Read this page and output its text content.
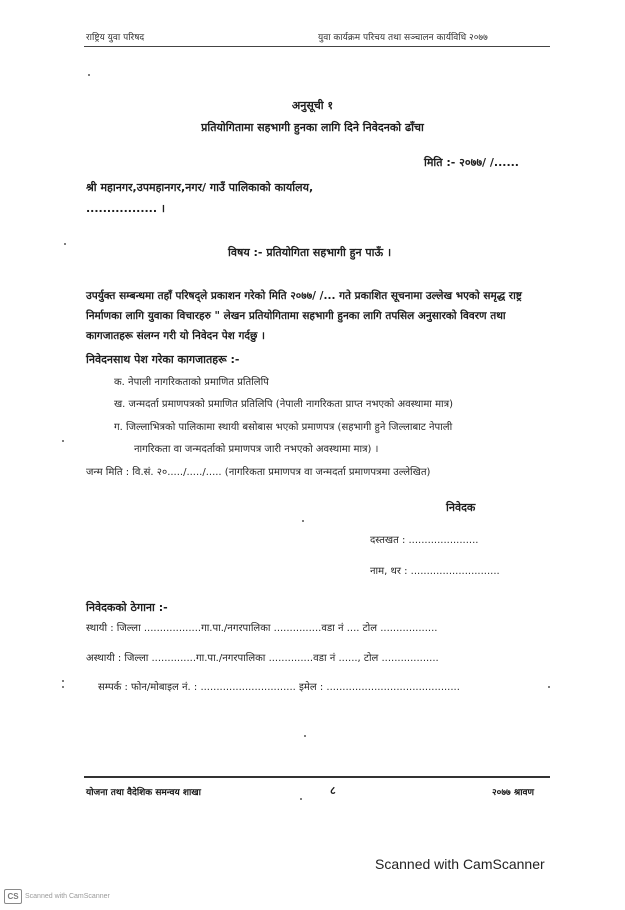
राष्ट्रिय युवा परिषद	युवा कार्यक्रम परिचय तथा सञ्चालन कार्यविधि २०७७
अनुसूची १
प्रतियोगितामा सहभागी हुनका लागि दिने निवेदनको ढाँचा
मिति :- २०७७/ /......
श्री महानगर,उपमहानगर,नगर/ गाउँ पालिकाको कार्यालय,
................. ।
विषय :- प्रतियोगिता सहभागी हुन पाऊँ ।
उपर्युक्त सम्बन्धमा तहाँ परिषद्ले प्रकाशन गरेको मिति २०७७/ /... गते प्रकाशित सूचनामा उल्लेख भएको समृद्ध राष्ट्र निर्माणका लागि युवाका विचारहरु " लेखन प्रतियोगितामा सहभागी हुनका लागि तपसिल अनुसारको विवरण तथा कागजातहरू संलग्न गरी यो निवेदन पेश गर्दछु ।
निवेदनसाथ पेश गरेका कागजातहरू :-
क. नेपाली नागरिकताको प्रमाणित प्रतिलिपि
ख. जन्मदर्ता प्रमाणपत्रको प्रमाणित प्रतिलिपि (नेपाली नागरिकता प्राप्त नभएको अवस्थामा मात्र)
ग. जिल्लाभित्रको पालिकामा स्थायी बसोबास भएको प्रमाणपत्र (सहभागी हुने जिल्लाबाट नेपाली
नागरिकता वा जन्मदर्ताको प्रमाणपत्र जारी नभएको अवस्थामा मात्र) ।
जन्म मिति : वि.सं. २०...../...../..... (नागरिकता प्रमाणपत्र वा जन्मदर्ता प्रमाणपत्रमा उल्लेखित)
निवेदक
दस्तखत : ......................
नाम, थर : ............................
निवेदकको ठेगाना :-
स्थायी : जिल्ला ..................गा.पा./नगरपालिका ...............वडा नं .... टोल ..................
अस्थायी : जिल्ला ..............गा.पा./नगरपालिका ..............वडा नं ......, टोल ..................
सम्पर्क : फोन/मोबाइल नं. : .............................. इमेल : ..........................................
योजना तथा वैदेशिक समन्वय शाखा	८	२०७७ श्रावण
Scanned with CamScanner
CS Scanned with CamScanner
